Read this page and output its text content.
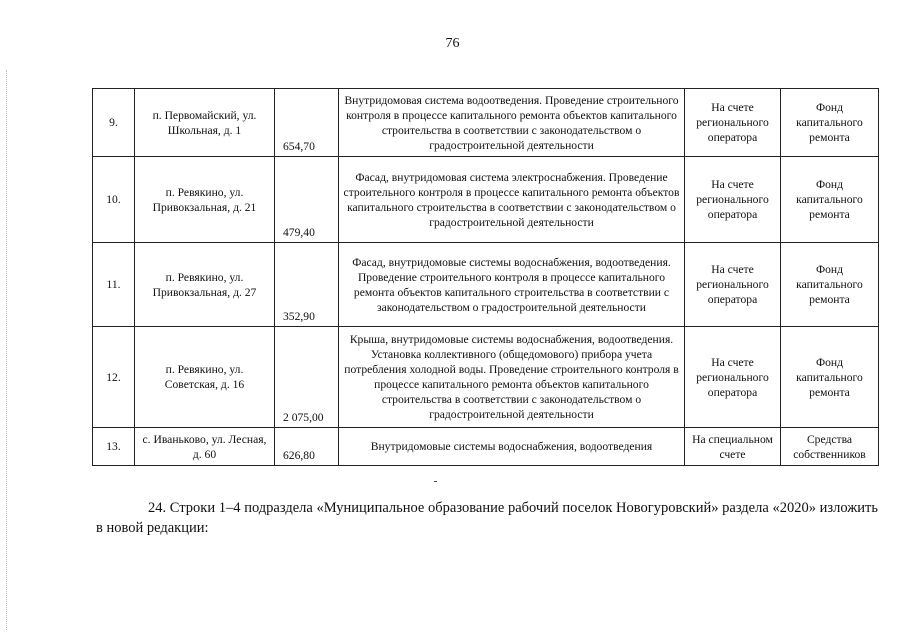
76
9.	п. Первомайский, ул. Школьная, д. 1	654,70	Внутридомовая система водоотведения. Проведение строительного контроля в процессе капитального ремонта объектов капитального строительства в соответствии с законодательством о градостроительной деятельности	На счете регионального оператора	Фонд капитального ремонта
10.	п. Ревякино, ул. Привокзальная, д. 21	479,40	Фасад, внутридомовая система электроснабжения. Проведение строительного контроля в процессе капитального ремонта объектов капитального строительства в соответствии с законодательством о градостроительной деятельности	На счете регионального оператора	Фонд капитального ремонта
11.	п. Ревякино, ул. Привокзальная, д. 27	352,90	Фасад, внутридомовые системы водоснабжения, водоотведения. Проведение строительного контроля в процессе капитального ремонта объектов капитального строительства в соответствии с законодательством о градостроительной деятельности	На счете регионального оператора	Фонд капитального ремонта
12.	п. Ревякино, ул. Советская, д. 16	2 075,00	Крыша, внутридомовые системы водоснабжения, водоотведения. Установка коллективного (общедомового) прибора учета потребления холодной воды. Проведение строительного контроля в процессе капитального ремонта объектов капитального строительства в соответствии с законодательством о градостроительной деятельности	На счете регионального оператора	Фонд капитального ремонта
13.	с. Иваньково, ул. Лесная, д. 60	626,80	Внутридомовые системы водоснабжения, водоотведения	На специальном счете	Средства собственников
24. Строки 1–4 подраздела «Муниципальное образование рабочий поселок Новогуровский» раздела «2020» изложить в новой редакции:
